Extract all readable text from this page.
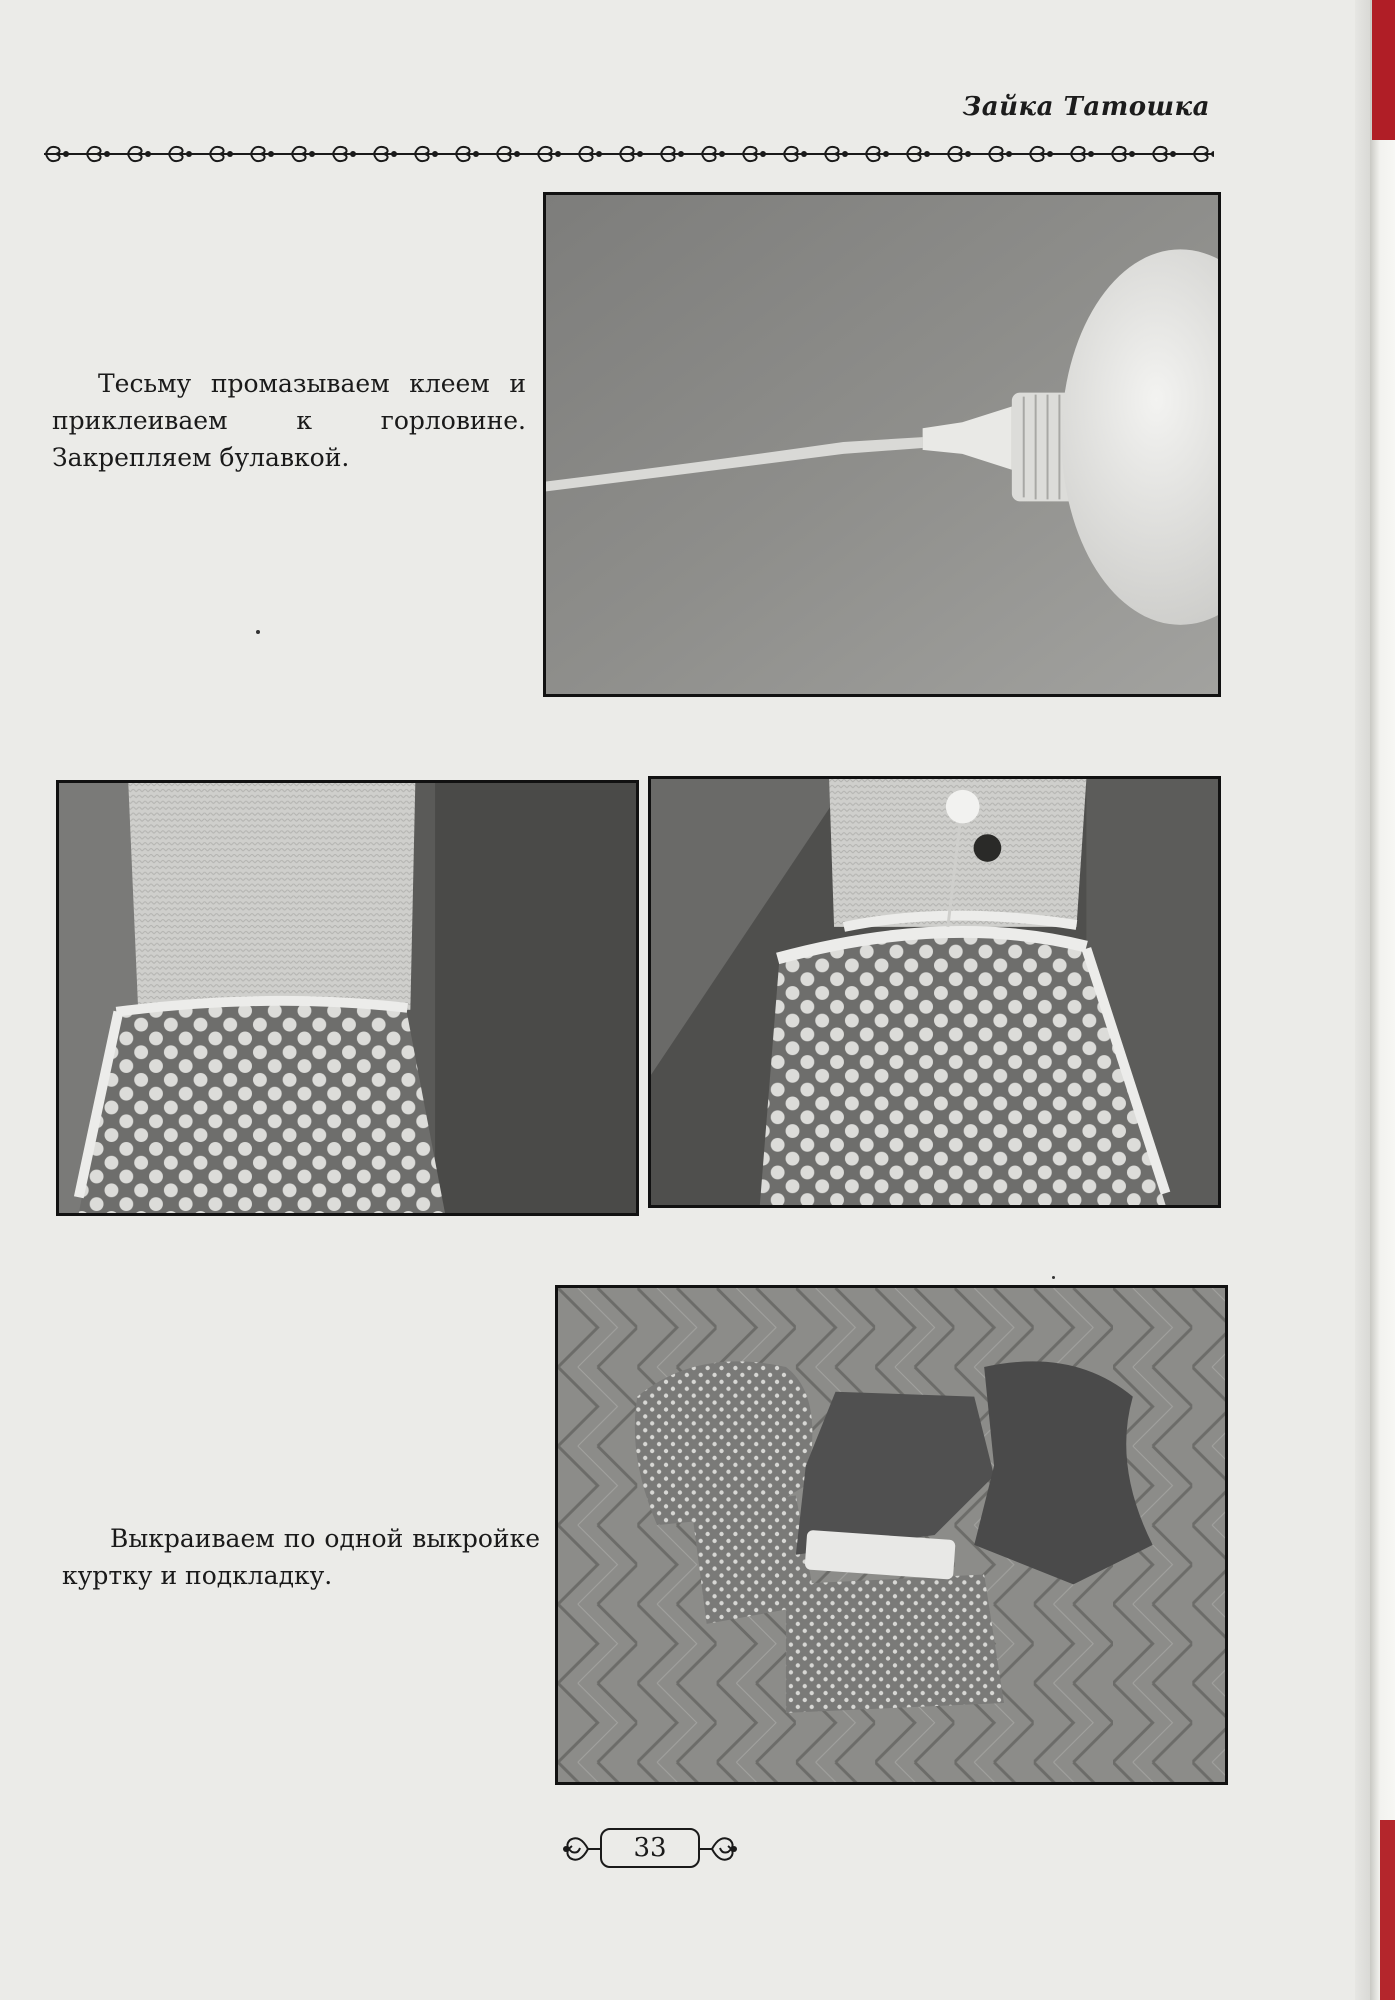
Зайка Татошка
Тесьму промазываем клеем и приклеиваем к горловине. Закрепляем булавкой.
Выкраиваем по одной выкройке куртку и подкладку.
33
